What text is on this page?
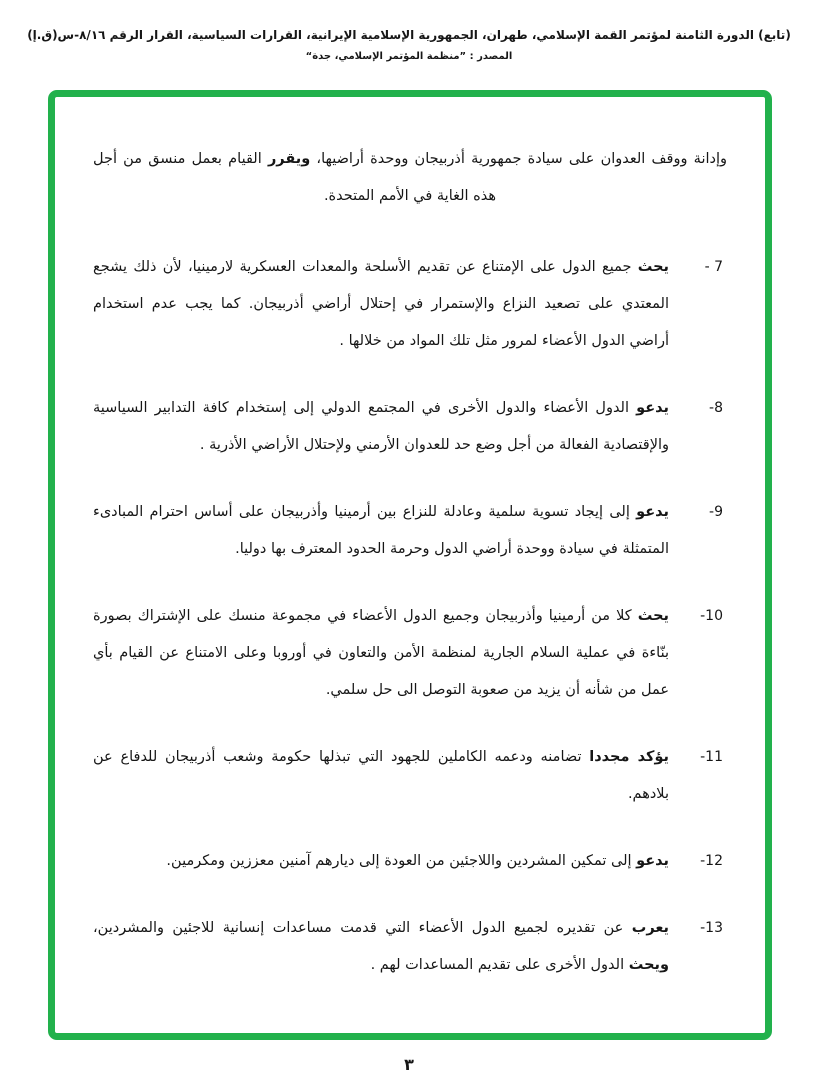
(تابع) الدورة الثامنة لمؤتمر القمة الإسلامي، طهران، الجمهورية الإسلامية الإيرانية، القرارات السياسية، القرار الرقم ٨/١٦-س(ق.إ)
المصدر : ”منظمة المؤتمر الإسلامي، جدة“
وإدانة ووقف العدوان على سيادة جمهورية أذربيجان ووحدة أراضيها، ويقرر القيام بعمل منسق من أجل هذه الغاية في الأمم المتحدة.
7 -
يحث جميع الدول على الإمتناع عن تقديم الأسلحة والمعدات العسكرية لارمينيا، لأن ذلك يشجع المعتدي على تصعيد النزاع والإستمرار في إحتلال أراضي أذربيجان. كما يجب عدم استخدام أراضي الدول الأعضاء لمرور مثل تلك المواد من خلالها .
8-
يدعو الدول الأعضاء والدول الأخرى في المجتمع الدولي إلى إستخدام كافة التدابير السياسية والإقتصادية الفعالة من أجل وضع حد للعدوان الأرمني ولإحتلال الأراضي الأذرية .
9-
يدعو إلى إيجاد تسوية سلمية وعادلة للنزاع بين أرمينيا وأذربيجان على أساس احترام المبادىء المتمثلة في سيادة ووحدة أراضي الدول وحرمة الحدود المعترف بها دوليا.
10-
يحث كلا من أرمينيا وأذربيجان وجميع الدول الأعضاء في مجموعة منسك على الإشتراك بصورة بنّاءة في عملية السلام الجارية لمنظمة الأمن والتعاون في أوروبا وعلى الامتناع عن القيام بأي عمل من شأنه أن يزيد من صعوبة التوصل الى حل سلمي.
11-
يؤكد مجددا تضامنه ودعمه الكاملين للجهود التي تبذلها حكومة وشعب أذربيجان للدفاع عن بلادهم.
12-
يدعو إلى تمكين المشردين واللاجئين من العودة إلى ديارهم آمنين معززين ومكرمين.
13-
يعرب عن تقديره لجميع الدول الأعضاء التي قدمت مساعدات إنسانية للاجئين والمشردين، ويحث الدول الأخرى على تقديم المساعدات لهم .
٣
